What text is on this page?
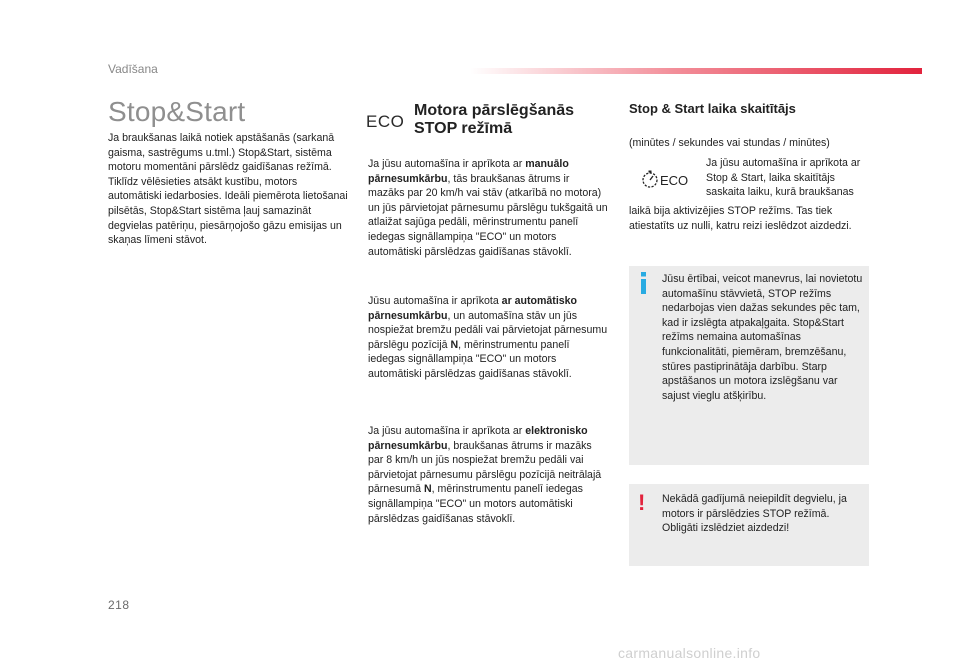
Vadīšana
Stop&Start
Ja braukšanas laikā notiek apstāšanās (sarkanā gaisma, sastrēgums u.tml.) Stop&Start, sistēma motoru momentāni pārslēdz gaidīšanas režīmā. Tiklīdz vēlēsieties atsākt kustību, motors automātiski iedarbosies. Ideāli piemērota lietošanai pilsētās, Stop&Start sistēma ļauj samazināt degvielas patēriņu, piesārņojošo gāzu emisijas un skaņas līmeni stāvot.
ECO
Motora pārslēgšanās STOP režīmā
Ja jūsu automašīna ir aprīkota ar manuālo pārnesumkārbu, tās braukšanas ātrums ir mazāks par 20 km/h vai stāv (atkarībā no motora) un jūs pārvietojat pārnesumu pārslēgu tukšgaitā un atlaižat sajūga pedāli, mērinstrumentu panelī iedegas signāllampiņa "ECO" un motors automātiski pārslēdzas gaidīšanas stāvoklī.
Jūsu automašīna ir aprīkota ar automātisko pārnesumkārbu, un automašīna stāv un jūs nospiežat bremžu pedāli vai pārvietojat pārnesumu pārslēgu pozīcijā N, mērinstrumentu panelī iedegas signāllampiņa "ECO" un motors automātiski pārslēdzas gaidīšanas stāvoklī.
Ja jūsu automašīna ir aprīkota ar elektronisko pārnesumkārbu, braukšanas ātrums ir mazāks par 8 km/h un jūs nospiežat bremžu pedāli vai pārvietojat pārnesumu pārslēgu pozīcijā neitrālajā pārnesumā N, mērinstrumentu panelī iedegas signāllampiņa "ECO" un motors automātiski pārslēdzas gaidīšanas stāvoklī.
Stop & Start laika skaitītājs
(minūtes / sekundes vai stundas / minūtes)
ECO
Ja jūsu automašīna ir aprīkota ar Stop & Start, laika skaitītājs saskaita laiku, kurā braukšanas
laikā bija aktivizējies STOP režīms. Tas tiek atiestatīts uz nulli, katru reizi ieslēdzot aizdedzi.
Jūsu ērtībai, veicot manevrus, lai novietotu automašīnu stāvvietā, STOP režīms nedarbojas vien dažas sekundes pēc tam, kad ir izslēgta atpakaļgaita. Stop&Start režīms nemaina automašīnas funkcionalitāti, piemēram, bremzēšanu, stūres pastiprinātāja darbību. Starp apstāšanos un motora izslēgšanu var sajust vieglu atšķirību.
! Nekādā gadījumā neiepildīt degvielu, ja motors ir pārslēdzies STOP režīmā. Obligāti izslēdziet aizdedzi!
218
carmanualsonline.info
